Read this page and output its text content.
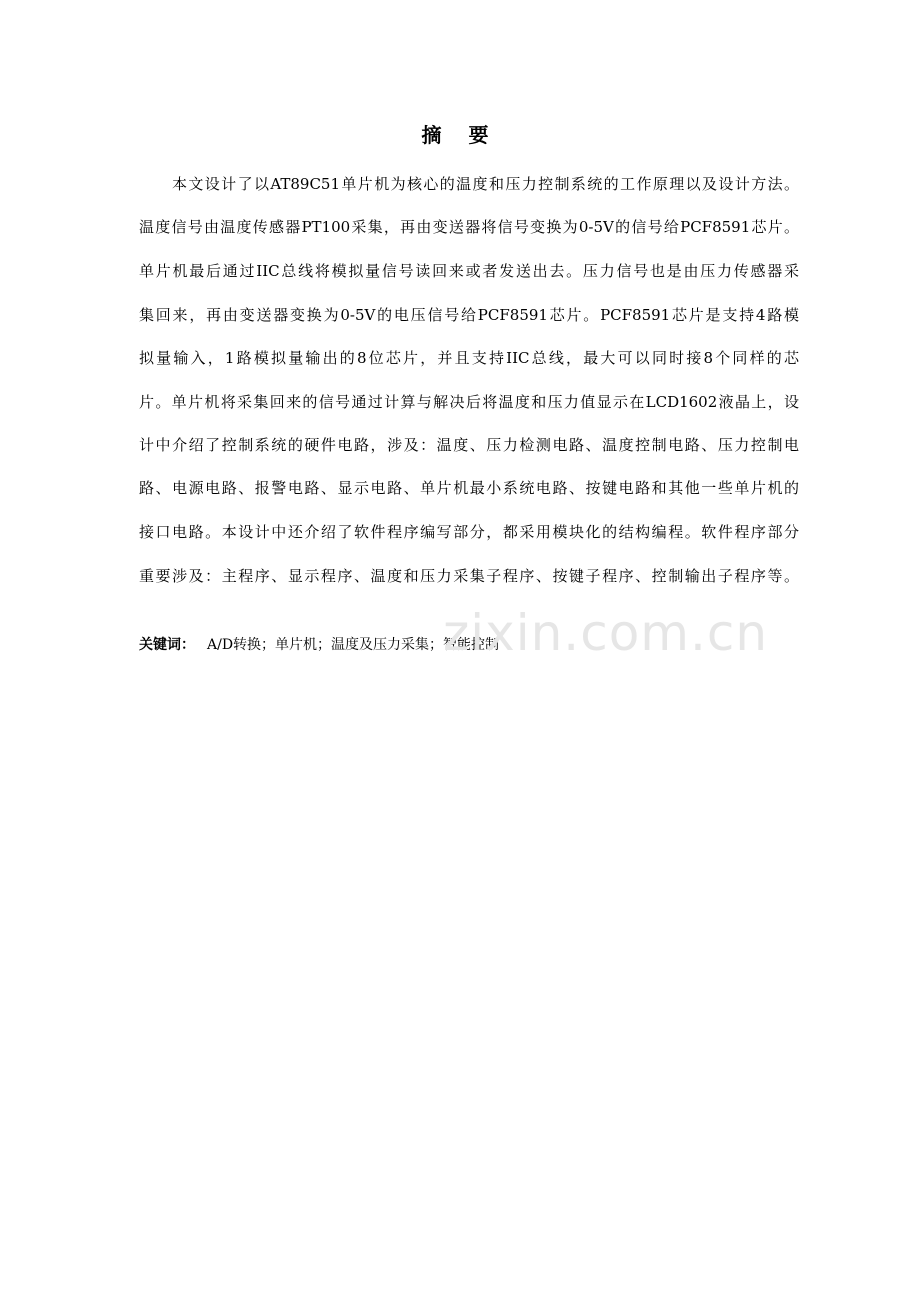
摘 要
本文设计了以AT89C51单片机为核心的温度和压力控制系统的工作原理以及设计方法。
温度信号由温度传感器PT100采集，再由变送器将信号变换为0-5V的信号给PCF8591芯片。
单片机最后通过IIC总线将模拟量信号读回来或者发送出去。压力信号也是由压力传感器采
集回来，再由变送器变换为0-5V的电压信号给PCF8591芯片。PCF8591芯片是支持4路模
拟量输入，1路模拟量输出的8位芯片，并且支持IIC总线，最大可以同时接8个同样的芯
片。单片机将采集回来的信号通过计算与解决后将温度和压力值显示在LCD1602液晶上，设
计中介绍了控制系统的硬件电路，涉及：温度、压力检测电路、温度控制电路、压力控制电
路、电源电路、报警电路、显示电路、单片机最小系统电路、按键电路和其他一些单片机的
接口电路。本设计中还介绍了软件程序编写部分，都采用模块化的结构编程。软件程序部分
重要涉及：主程序、显示程序、温度和压力采集子程序、按键子程序、控制输出子程序等。
关键词： A/D转换；单片机；温度及压力采集；智能控制
zixin.com.cn
